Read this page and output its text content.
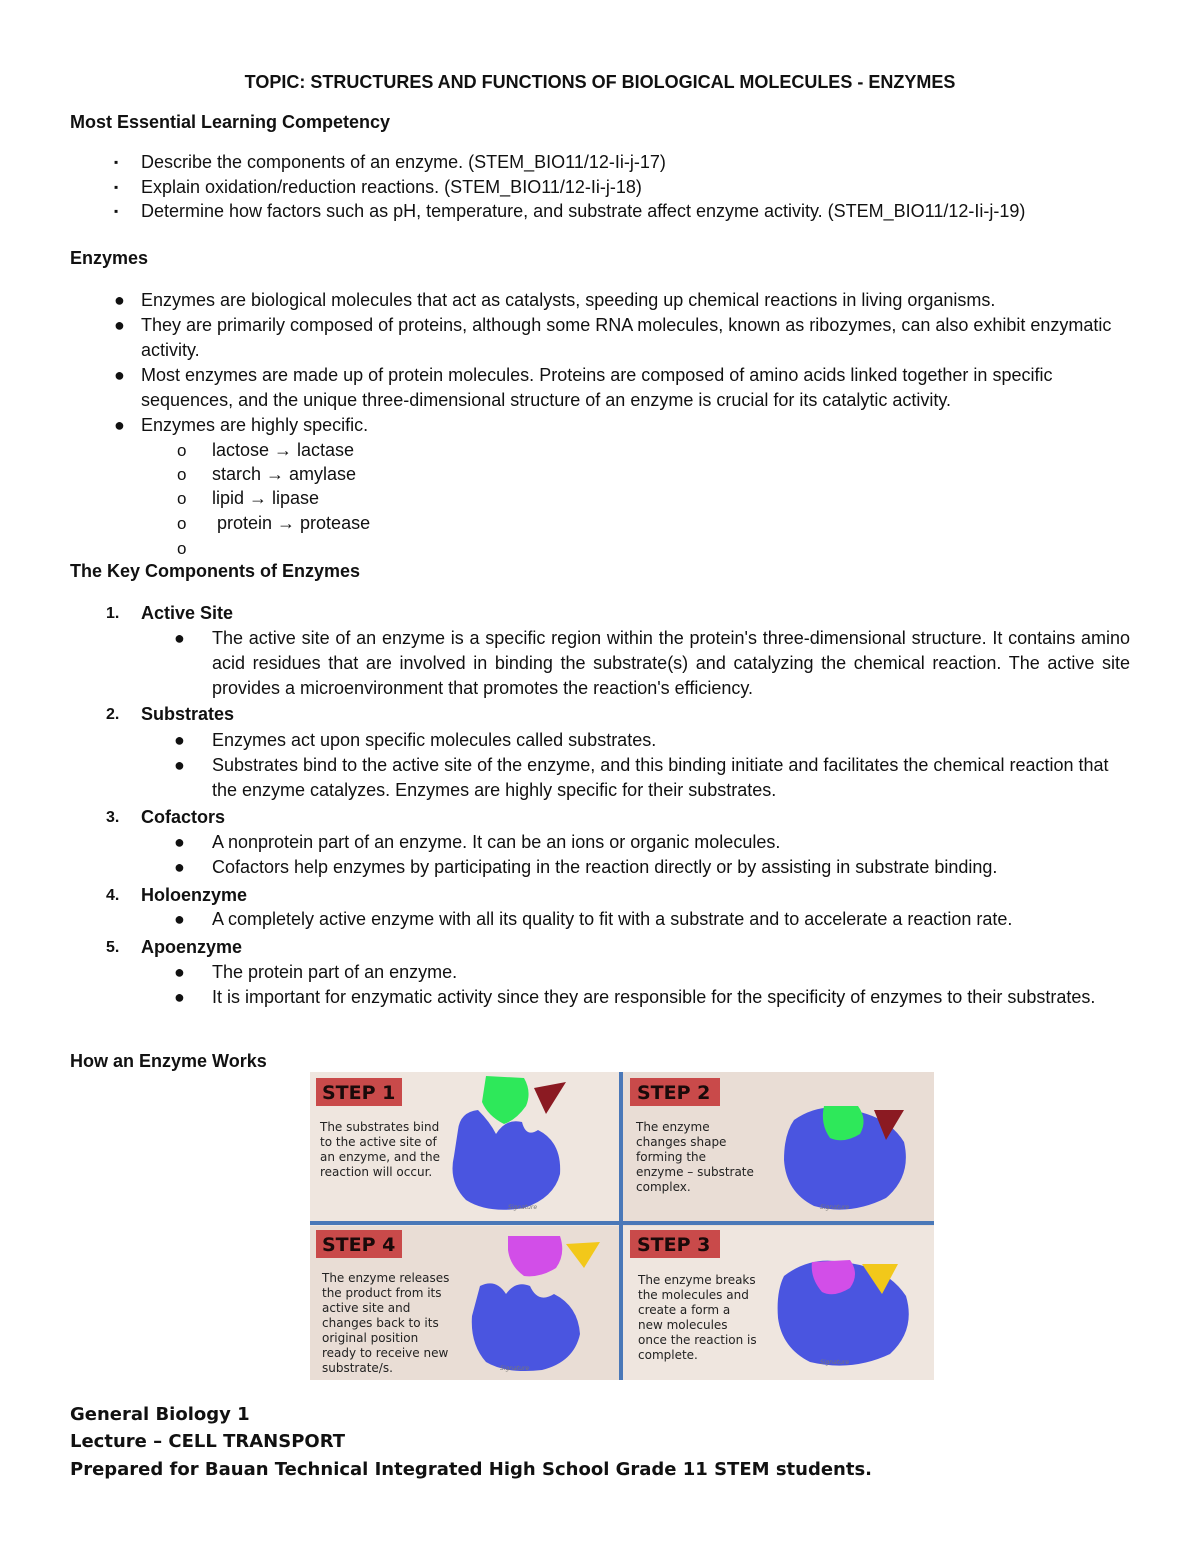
TOPIC: STRUCTURES AND FUNCTIONS OF BIOLOGICAL MOLECULES - ENZYMES
Most Essential Learning Competency
▪ Describe the components of an enzyme. (STEM_BIO11/12-Ii-j-17)
▪ Explain oxidation/reduction reactions. (STEM_BIO11/12-Ii-j-18)
▪ Determine how factors such as pH, temperature, and substrate affect enzyme activity. (STEM_BIO11/12-Ii-j-19)
Enzymes
● Enzymes are biological molecules that act as catalysts, speeding up chemical reactions in living organisms.
● They are primarily composed of proteins, although some RNA molecules, known as ribozymes, can also exhibit enzymatic activity.
● Most enzymes are made up of protein molecules. Proteins are composed of amino acids linked together in specific sequences, and the unique three-dimensional structure of an enzyme is crucial for its catalytic activity.
● Enzymes are highly specific.
o lactose → lactase
o starch → amylase
o lipid → lipase
o protein → protease
o
The Key Components of Enzymes
1. Active Site
● The active site of an enzyme is a specific region within the protein's three-dimensional structure. It contains amino acid residues that are involved in binding the substrate(s) and catalyzing the chemical reaction. The active site provides a microenvironment that promotes the reaction's efficiency.
2. Substrates
● Enzymes act upon specific molecules called substrates.
● Substrates bind to the active site of the enzyme, and this binding initiate and facilitates the chemical reaction that the enzyme catalyzes. Enzymes are highly specific for their substrates.
3. Cofactors
● A nonprotein part of an enzyme. It can be an ions or organic molecules.
● Cofactors help enzymes by participating in the reaction directly or by assisting in substrate binding.
4. Holoenzyme
● A completely active enzyme with all its quality to fit with a substrate and to accelerate a reaction rate.
5. Apoenzyme
● The protein part of an enzyme.
● It is important for enzymatic activity since they are responsible for the specificity of enzymes to their substrates.
How an Enzyme Works
STEP 1
The substrates bind
to the active site of
an enzyme, and the
reaction will occur.
Signature
STEP 2
The enzyme
changes shape
forming the
enzyme – substrate
complex.
Signature
STEP 4
The enzyme releases
the product from its
active site and
changes back to its
original position
ready to receive new
substrate/s.	Signature
STEP 3
The enzyme breaks
the molecules and
create a form a
new molecules
once the reaction is
complete.
Signature
General Biology 1
Lecture – CELL TRANSPORT
Prepared for Bauan Technical Integrated High School Grade 11 STEM students.
